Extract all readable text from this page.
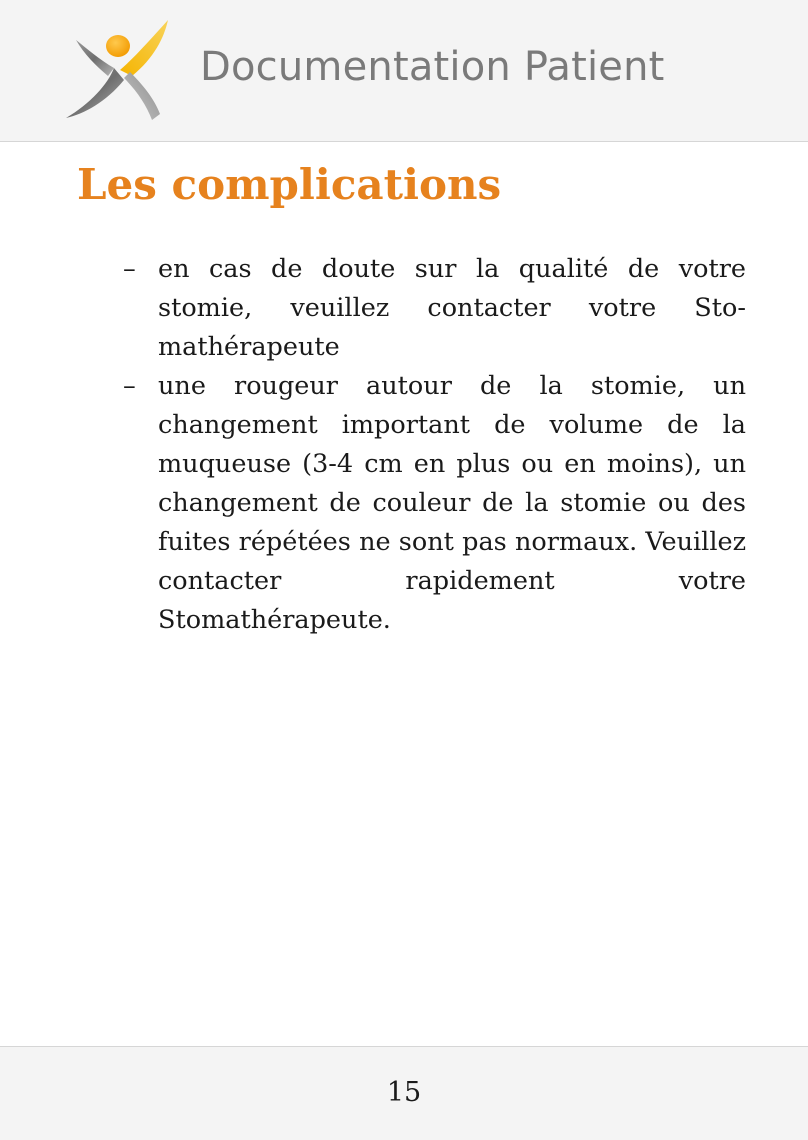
Documentation Patient
Les complications
– en cas de doute sur la qualité de votre stomie, veuillez contacter votre Stomathérapeute
– une rougeur autour de la stomie, un changement important de volume de la muqueuse (3-4 cm en plus ou en moins), un changement de couleur de la stomie ou des fuites répétées ne sont pas normaux. Veuillez contacter rapidement votre Stomathérapeute.
15
